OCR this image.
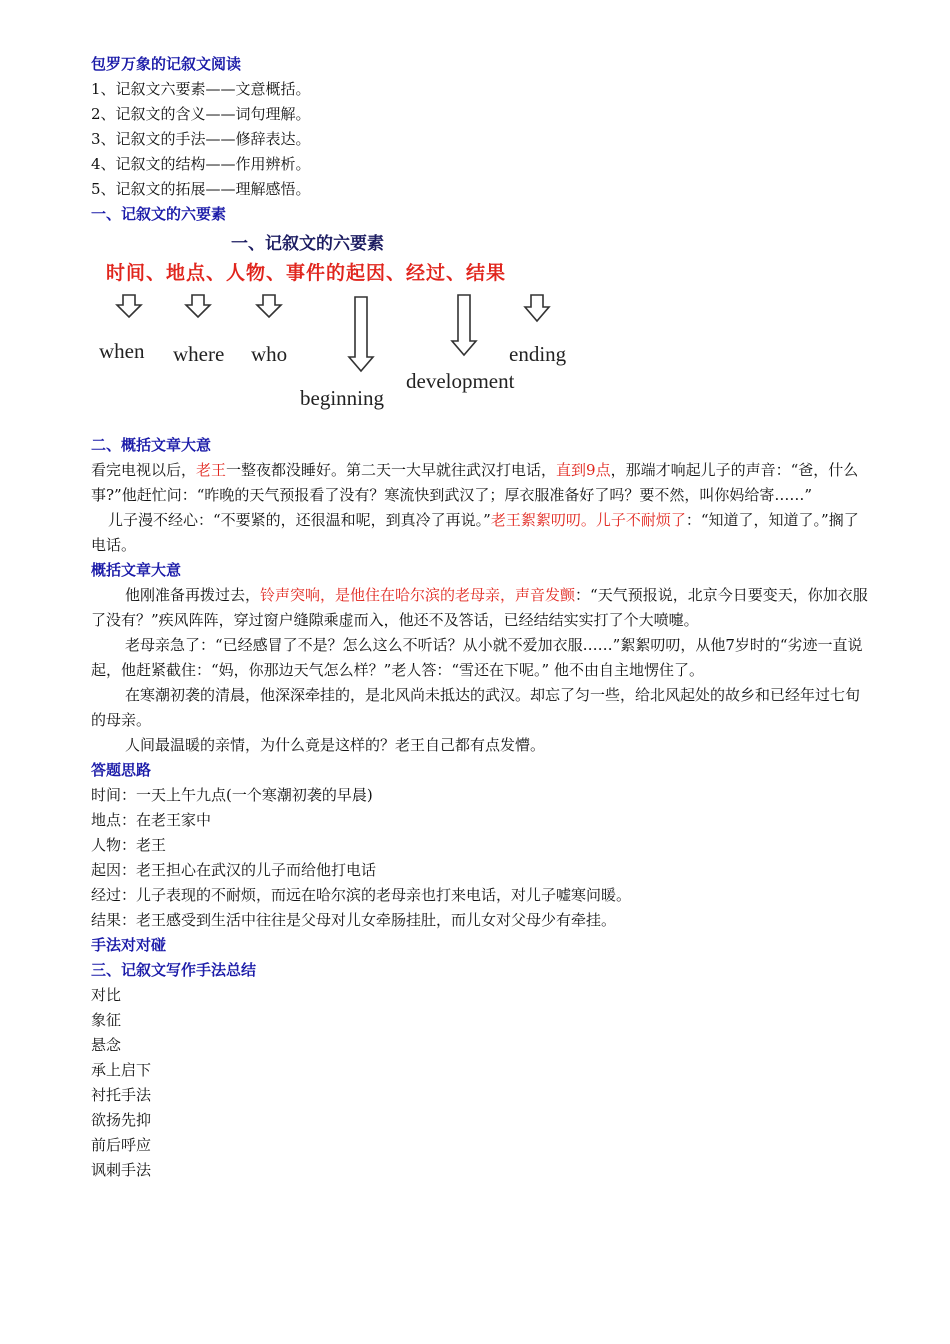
包罗万象的记叙文阅读
1、记叙文六要素——文意概括。
2、记叙文的含义——词句理解。
3、记叙文的手法——修辞表达。
4、记叙文的结构——作用辨析。
5、记叙文的拓展——理解感悟。
一、记叙文的六要素
一、记叙文的六要素
时间、地点、人物、事件的起因、经过、结果
when where who
beginning
development
ending
二、概括文章大意
看完电视以后，老王一整夜都没睡好。第二天一大早就往武汉打电话，直到9点，那端才响起儿子的声音：“爸，什么事?”他赶忙问：“昨晚的天气预报看了没有？寒流快到武汉了；厚衣服准备好了吗？要不然，叫你妈给寄……”
儿子漫不经心：“不要紧的，还很温和呢，到真冷了再说。”老王絮絮叨叨。儿子不耐烦了：“知道了，知道了。”搁了电话。
概括文章大意
他刚准备再拨过去，铃声突响，是他住在哈尔滨的老母亲，声音发颤：“天气预报说，北京今日要变天，你加衣服了没有？”疾风阵阵，穿过窗户缝隙乘虚而入，他还不及答话，已经结结实实打了个大喷嚏。
老母亲急了：“已经感冒了不是？怎么这么不听话？从小就不爱加衣服……”絮絮叨叨，从他7岁时的“劣迹一直说起，他赶紧截住：“妈，你那边天气怎么样？”老人答：“雪还在下呢。” 他不由自主地愣住了。
在寒潮初袭的清晨，他深深牵挂的，是北风尚未抵达的武汉。却忘了匀一些，给北风起处的故乡和已经年过七旬的母亲。
人间最温暖的亲情，为什么竟是这样的？老王自己都有点发懵。
答题思路
时间：一天上午九点(一个寒潮初袭的早晨)
地点：在老王家中
人物：老王
起因：老王担心在武汉的儿子而给他打电话
经过：儿子表现的不耐烦，而远在哈尔滨的老母亲也打来电话，对儿子嘘寒问暖。
结果：老王感受到生活中往往是父母对儿女牵肠挂肚，而儿女对父母少有牵挂。
手法对对碰
三、记叙文写作手法总结
对比
象征
悬念
承上启下
衬托手法
欲扬先抑
前后呼应
讽刺手法
